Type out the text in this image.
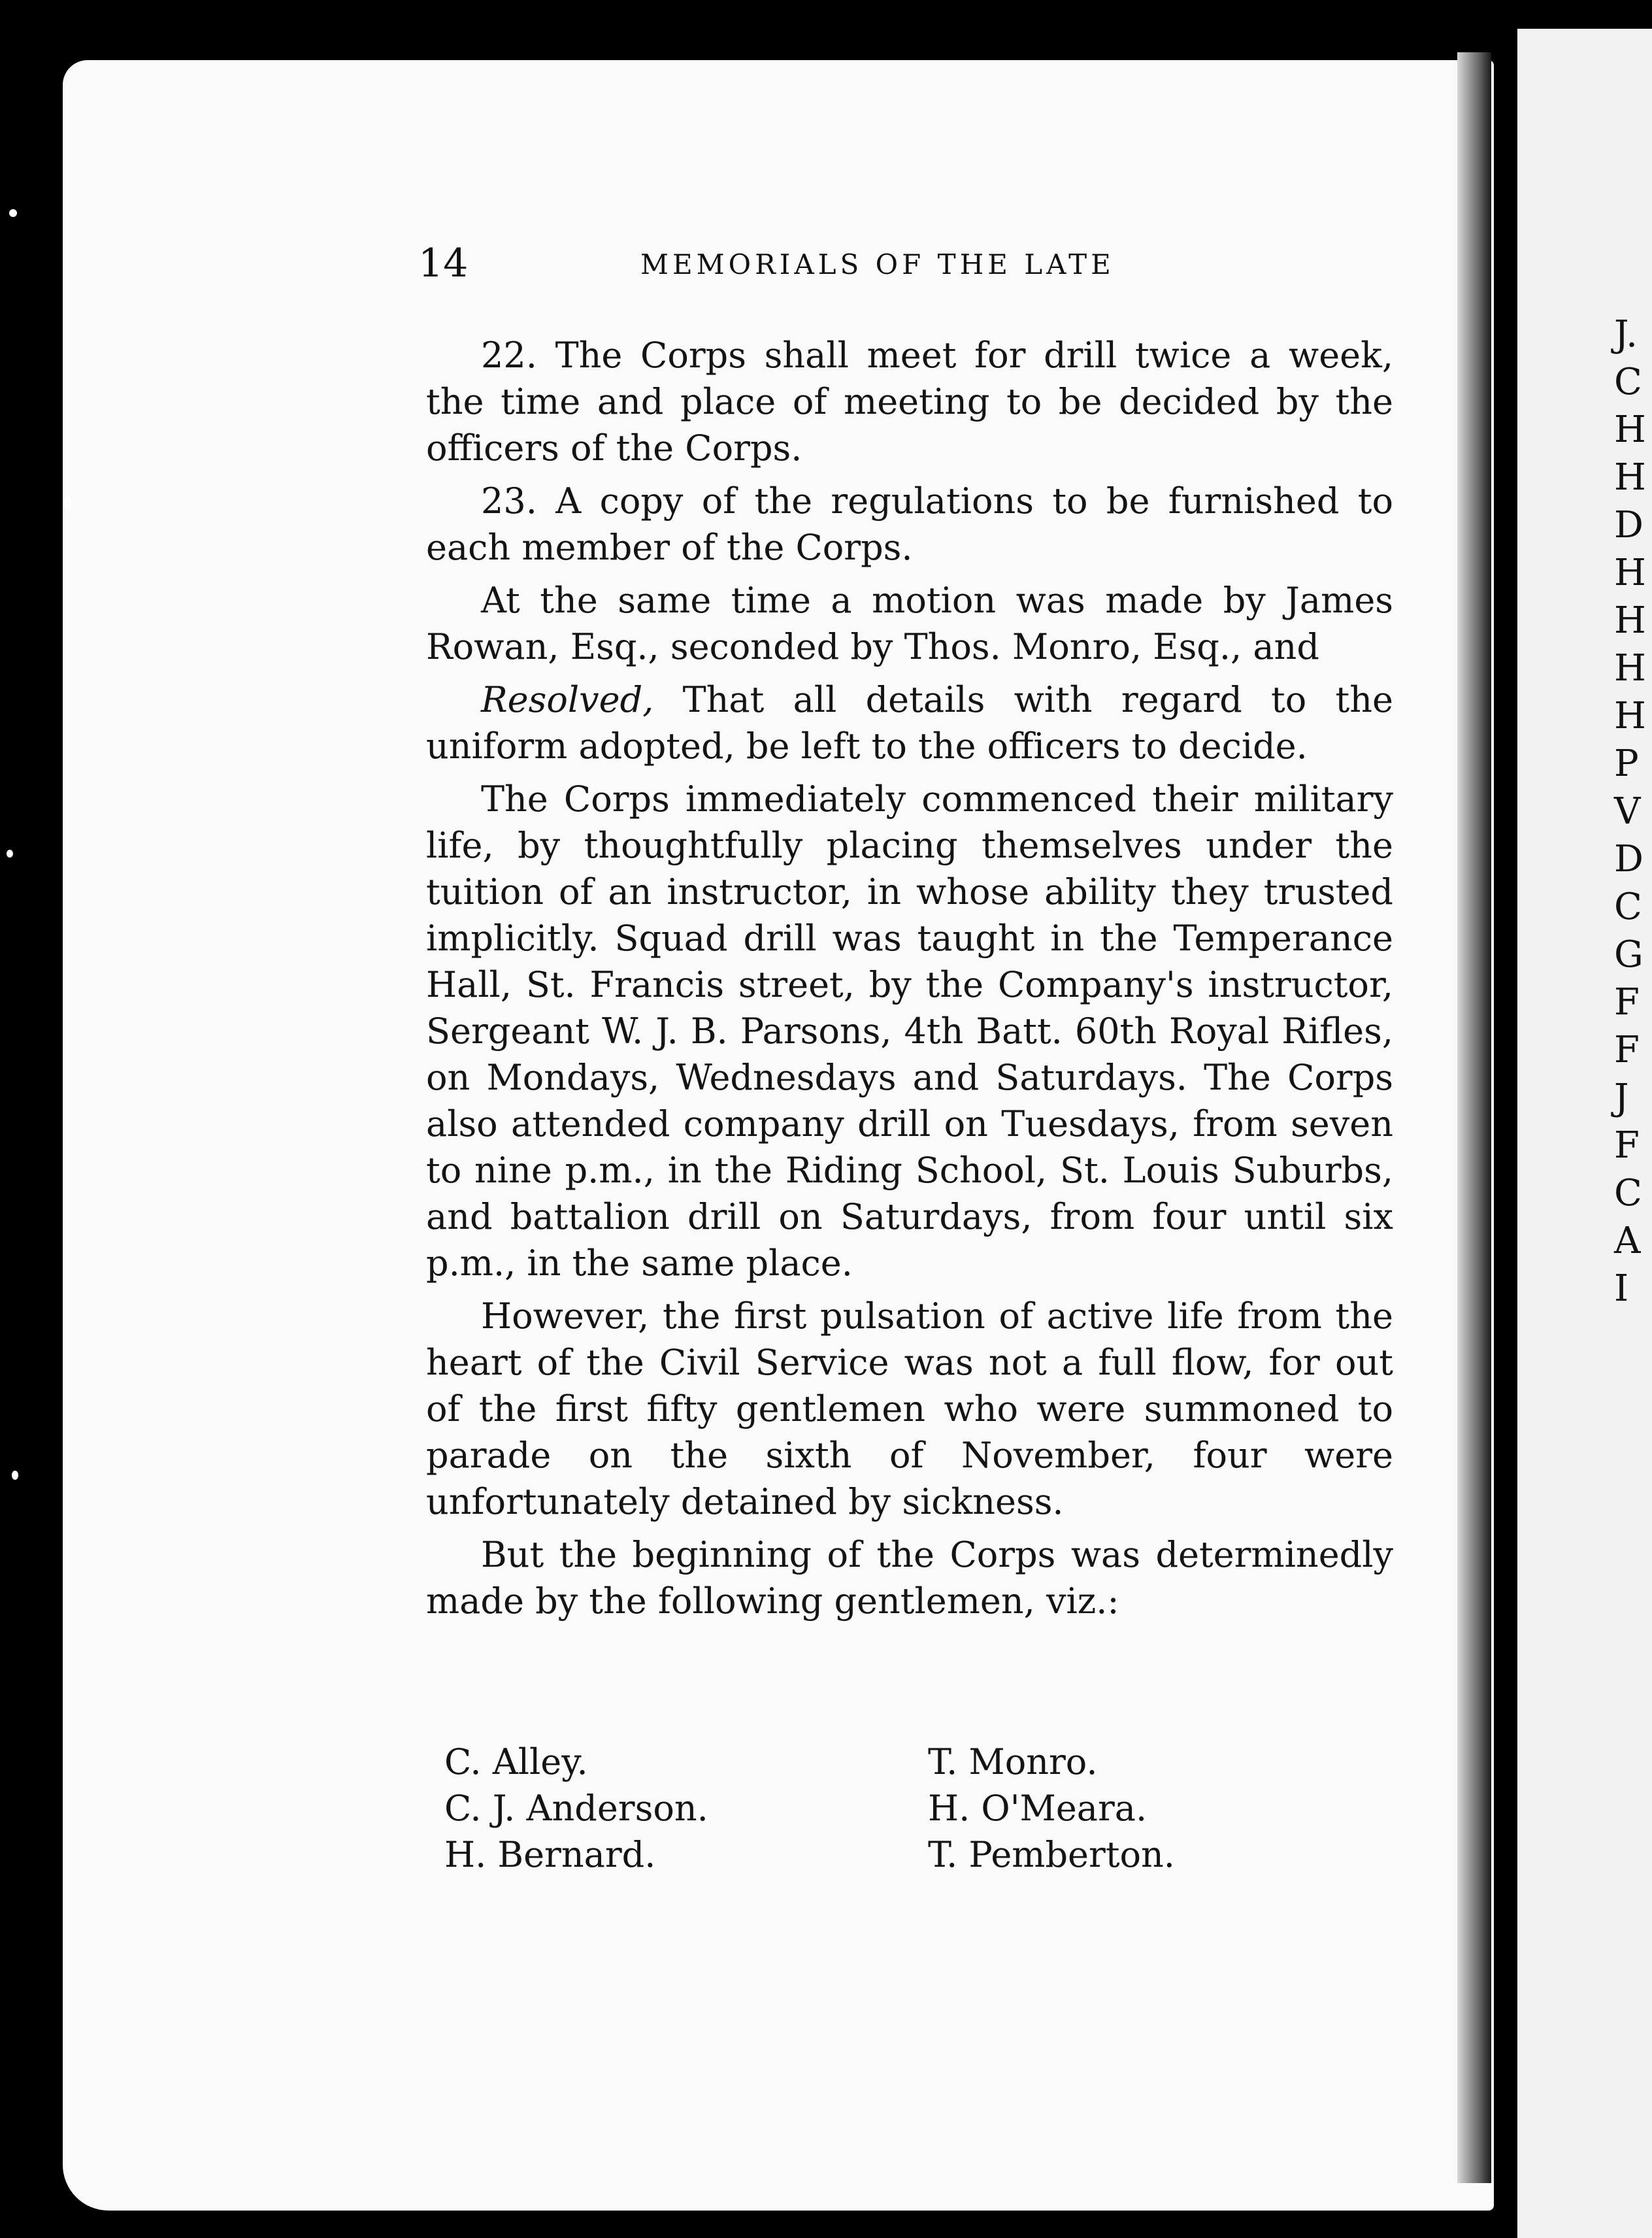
J.
C
H
H
D
H
H
H
H
P
V
D
C
G
F
F
J
F
C
A
I
14	MEMORIALS OF THE LATE

22. The Corps shall meet for drill twice a week, the time and place of meeting to be decided by the officers of the Corps.

23. A copy of the regulations to be furnished to each member of the Corps.

At the same time a motion was made by James Rowan, Esq., seconded by Thos. Monro, Esq., and

Resolved, That all details with regard to the uniform adopted, be left to the officers to decide.

The Corps immediately commenced their military life, by thoughtfully placing themselves under the tuition of an instructor, in whose ability they trusted implicitly. Squad drill was taught in the Temperance Hall, St. Francis street, by the Company's instructor, Sergeant W. J. B. Parsons, 4th Batt. 60th Royal Rifles, on Mondays, Wednesdays and Saturdays. The Corps also attended company drill on Tuesdays, from seven to nine p.m., in the Riding School, St. Louis Suburbs, and battalion drill on Saturdays, from four until six p.m., in the same place.

However, the first pulsation of active life from the heart of the Civil Service was not a full flow, for out of the first fifty gentlemen who were summoned to parade on the sixth of November, four were unfortunately detained by sickness.

But the beginning of the Corps was determinedly made by the following gentlemen, viz.:

C. Alley.	T. Monro.
C. J. Anderson.	H. O'Meara.
H. Bernard.	T. Pemberton.
